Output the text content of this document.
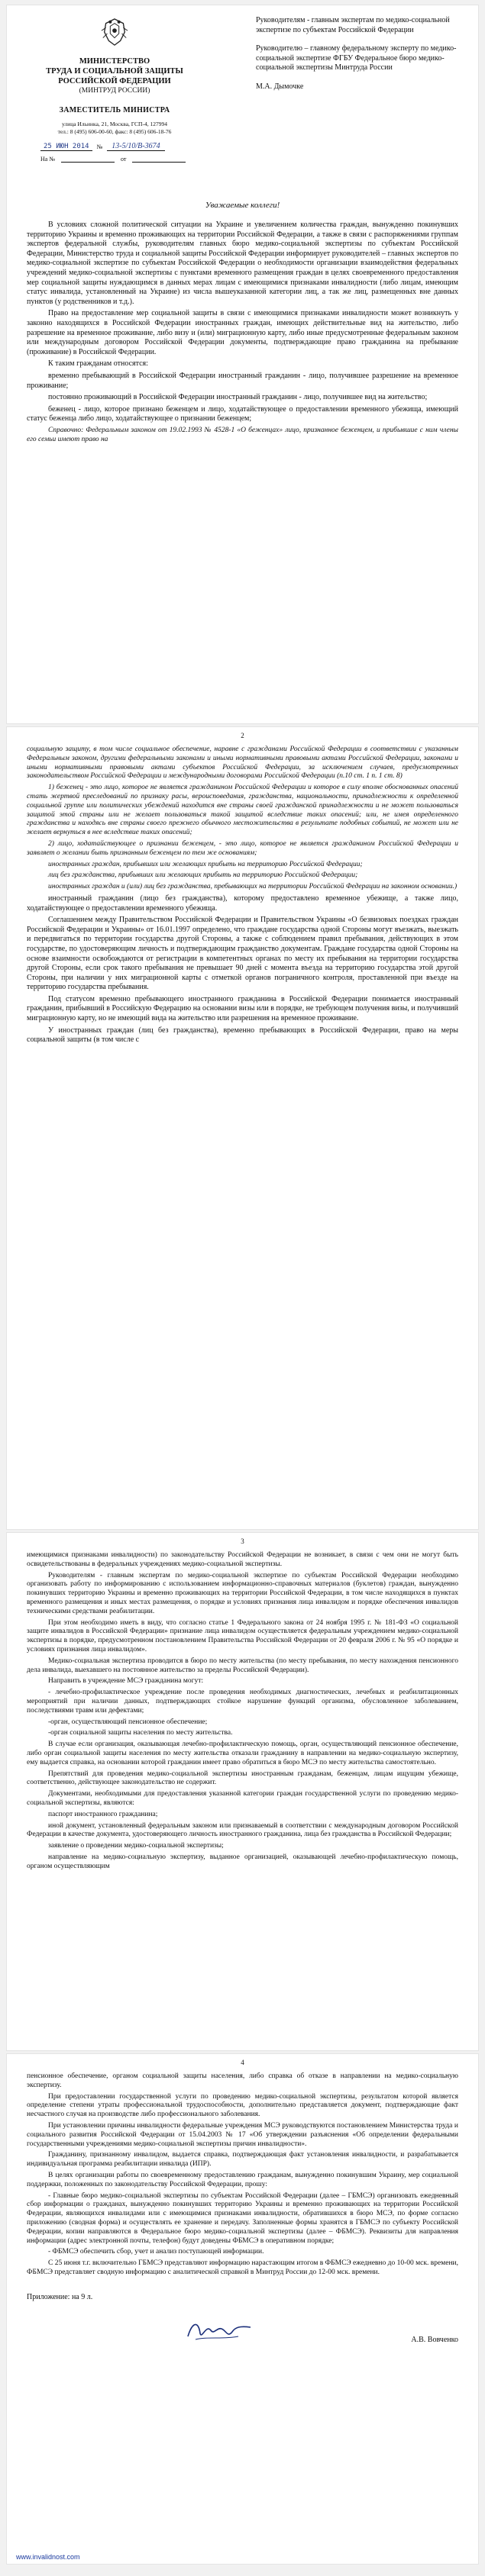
МИНИСТЕРСТВО
ТРУДА И СОЦИАЛЬНОЙ ЗАЩИТЫ
РОССИЙСКОЙ ФЕДЕРАЦИИ
(МИНТРУД РОССИИ)
ЗАМЕСТИТЕЛЬ МИНИСТРА
улица Ильинка, 21, Москва, ГСП-4, 127994
тел.: 8 (495) 606-00-60, факс: 8 (495) 606-18-76
25 ИЮН 2014	№	13-5/10/В-3674
На №	от

Руководителям - главным экспертам по медико-социальной экспертизе по субъектам Российской Федерации

Руководителю – главному федеральному эксперту по медико-социальной экспертизе ФГБУ Федеральное бюро медико-социальной экспертизы Минтруда России

М.А. Дымочке

Уважаемые коллеги!

В условиях сложной политической ситуации на Украине и увеличением количества граждан, вынужденно покинувших территорию Украины и временно проживающих на территории Российской Федерации, а также в связи с распоряжениями группам экспертов федеральной службы, руководителям главных бюро медико-социальной экспертизы по субъектам Российской Федерации, Министерство труда и социальной защиты Российской Федерации информирует руководителей – главных экспертов по медико-социальной экспертизе по субъектам Российской Федерации о необходимости организации взаимодействия федеральных учреждений медико-социальной экспертизы с пунктами временного размещения граждан в целях своевременного предоставления мер социальной защиты нуждающимся в данных мерах лицам с имеющимися признаками инвалидности (либо лицам, имеющим статус инвалида, установленный на Украине) из числа вышеуказанной категории лиц, а так же лиц, размещенных вне данных пунктов (у родственников и т.д.).

Право на предоставление мер социальной защиты в связи с имеющимися признаками инвалидности может возникнуть у законно находящихся в Российской Федерации иностранных граждан, имеющих действительные вид на жительство, либо разрешение на временное проживание, либо визу и (или) миграционную карту, либо иные предусмотренные федеральным законом или международным договором Российской Федерации документы, подтверждающие право гражданина на пребывание (проживание) в Российской Федерации.

К таким гражданам относятся:

временно пребывающий в Российской Федерации иностранный гражданин - лицо, получившее разрешение на временное проживание;

постоянно проживающий в Российской Федерации иностранный гражданин - лицо, получившее вид на жительство;

беженец - лицо, которое признано беженцем и лицо, ходатайствующее о предоставлении временного убежища, имеющий статус беженца либо лицо, ходатайствующее о признании беженцем;

Справочно: Федеральным законом от 19.02.1993 № 4528-1 «О беженцах» лицо, признанное беженцем, и прибывшие с ним члены его семьи имеют право на

2

социальную защиту, в том числе социальное обеспечение, наравне с гражданами Российской Федерации в соответствии с указанным Федеральным законом, другими федеральными законами и иными нормативными правовыми актами Российской Федерации, законами и иными нормативными правовыми актами субъектов Российской Федерации, за исключением случаев, предусмотренных законодательством Российской Федерации и международными договорами Российской Федерации (п.10 ст. 1 п. 1 ст. 8)

1) беженец - это лицо, которое не является гражданином Российской Федерации и которое в силу вполне обоснованных опасений стать жертвой преследований по признаку расы, вероисповедания, гражданства, национальности, принадлежности к определенной социальной группе или политических убеждений находится вне страны своей гражданской принадлежности и не может пользоваться защитой этой страны или не желает пользоваться такой защитой вследствие таких опасений; или, не имея определенного гражданства и находясь вне страны своего прежнего обычного местожительства в результате подобных событий, не может или не желает вернуться в нее вследствие таких опасений;

2) лицо, ходатайствующее о признании беженцем, - это лицо, которое не является гражданином Российской Федерации и заявляет о желании быть признанным беженцем по тем же основаниям;

иностранных граждан, прибывших или желающих прибыть на территорию Российской Федерации;

лиц без гражданства, прибывших или желающих прибыть на территорию Российской Федерации;

иностранных граждан и (или) лиц без гражданства, пребывающих на территории Российской Федерации на законном основании.)

иностранный гражданин (лицо без гражданства), которому предоставлено временное убежище, а также лицо, ходатайствующее о предоставлении временного убежища.

Соглашением между Правительством Российской Федерации и Правительством Украины «О безвизовых поездках граждан Российской Федерации и Украины» от 16.01.1997 определено, что граждане государства одной Стороны могут въезжать, выезжать и передвигаться по территории государства другой Стороны, а также с соблюдением правил пребывания, действующих в этом государстве, по удостоверяющим личность и подтверждающим гражданство документам. Граждане государства одной Стороны на основе взаимности освобождаются от регистрации в компетентных органах по месту их пребывания на территории государства другой Стороны, если срок такого пребывания не превышает 90 дней с момента въезда на территорию государства этой другой Стороны, при наличии у них миграционной карты с отметкой органов пограничного контроля, проставленной при въезде на территорию государства пребывания.

Под статусом временно пребывающего иностранного гражданина в Российской Федерации понимается иностранный гражданин, прибывший в Российскую Федерацию на основании визы или в порядке, не требующем получения визы, и получивший миграционную карту, но не имеющий вида на жительство или разрешения на временное проживание.

У иностранных граждан (лиц без гражданства), временно пребывающих в Российской Федерации, право на меры социальной защиты (в том числе с

3

имеющимися признаками инвалидности) по законодательству Российской Федерации не возникает, в связи с чем они не могут быть освидетельствованы в федеральных учреждениях медико-социальной экспертизы.

Руководителям - главным экспертам по медико-социальной экспертизе по субъектам Российской Федерации необходимо организовать работу по информированию с использованием информационно-справочных материалов (буклетов) граждан, вынужденно покинувших территорию Украины и временно проживающих на территории Российской Федерации, в том числе находящихся в пунктах временного размещения и иных местах размещения, о порядке и условиях признания лица инвалидом и порядке обеспечения инвалидов техническими средствами реабилитации.

При этом необходимо иметь в виду, что согласно статье 1 Федерального закона от 24 ноября 1995 г. № 181-ФЗ «О социальной защите инвалидов в Российской Федерации» признание лица инвалидом осуществляется федеральным учреждением медико-социальной экспертизы в порядке, предусмотренном постановлением Правительства Российской Федерации от 20 февраля 2006 г. № 95 «О порядке и условиях признания лица инвалидом».

Медико-социальная экспертиза проводится в бюро по месту жительства (по месту пребывания, по месту нахождения пенсионного дела инвалида, выехавшего на постоянное жительство за пределы Российской Федерации).

Направить в учреждение МСЭ гражданина могут:

- лечебно-профилактическое учреждение после проведения необходимых диагностических, лечебных и реабилитационных мероприятий при наличии данных, подтверждающих стойкое нарушение функций организма, обусловленное заболеванием, последствиями травм или дефектами;

-орган, осуществляющий пенсионное обеспечение;

-орган социальной защиты населения по месту жительства.

В случае если организация, оказывающая лечебно-профилактическую помощь, орган, осуществляющий пенсионное обеспечение, либо орган социальной защиты населения по месту жительства отказали гражданину в направлении на медико-социальную экспертизу, ему выдается справка, на основании которой гражданин имеет право обратиться в бюро МСЭ по месту жительства самостоятельно.

Препятствий для проведения медико-социальной экспертизы иностранным гражданам, беженцам, лицам ищущим убежище, соответственно, действующее законодательство не содержит.

Документами, необходимыми для предоставления указанной категории граждан государственной услуги по проведению медико-социальной экспертизы, являются:

паспорт иностранного гражданина;

иной документ, установленный федеральным законом или признаваемый в соответствии с международным договором Российской Федерации в качестве документа, удостоверяющего личность иностранного гражданина, лица без гражданства в Российской Федерации;

заявление о проведении медико-социальной экспертизы;

направление на медико-социальную экспертизу, выданное организацией, оказывающей лечебно-профилактическую помощь, органом осуществляющим

4

пенсионное обеспечение, органом социальной защиты населения, либо справка об отказе в направлении на медико-социальную экспертизу.

При предоставлении государственной услуги по проведению медико-социальной экспертизы, результатом которой является определение степени утраты профессиональной трудоспособности, дополнительно представляется документ, подтверждающие факт несчастного случая на производстве либо профессионального заболевания.

При установлении причины инвалидности федеральные учреждения МСЭ руководствуются постановлением Министерства труда и социального развития Российской Федерации от 15.04.2003 № 17 «Об утверждении разъяснения «Об определении федеральными государственными учреждениями медико-социальной экспертизы причин инвалидности».

Гражданину, признанному инвалидом, выдается справка, подтверждающая факт установления инвалидности, и разрабатывается индивидуальная программа реабилитации инвалида (ИПР).

В целях организации работы по своевременному предоставлению гражданам, вынужденно покинувшим Украину, мер социальной поддержки, положенных по законодательству Российской Федерации, прошу:

- Главные бюро медико-социальной экспертизы по субъектам Российской Федерации (далее – ГБМСЭ) организовать ежедневный сбор информации о гражданах, вынужденно покинувших территорию Украины и временно проживающих на территории Российской Федерации, являющихся инвалидами или с имеющимися признаками инвалидности, обратившихся в бюро МСЭ, по форме согласно приложению (сводная форма) и осуществлять ее хранение и передачу. Заполненные формы хранятся в ГБМСЭ по субъекту Российской Федерации, копии направляются в Федеральное бюро медико-социальной экспертизы (далее – ФБМСЭ). Реквизиты для направления информации (адрес электронной почты, телефон) будут доведены ФБМСЭ в оперативном порядке;

- ФБМСЭ обеспечить сбор, учет и анализ поступающей информации.

С 25 июня т.г. включительно ГБМСЭ представляют информацию нарастающим итогом в ФБМСЭ ежедневно до 10-00 мск. времени, ФБМСЭ представляет сводную информацию с аналитической справкой в Минтруд России до 12-00 мск. времени.

Приложение: на 9 л.
А.В. Вовченко
www.invalidnost.com
